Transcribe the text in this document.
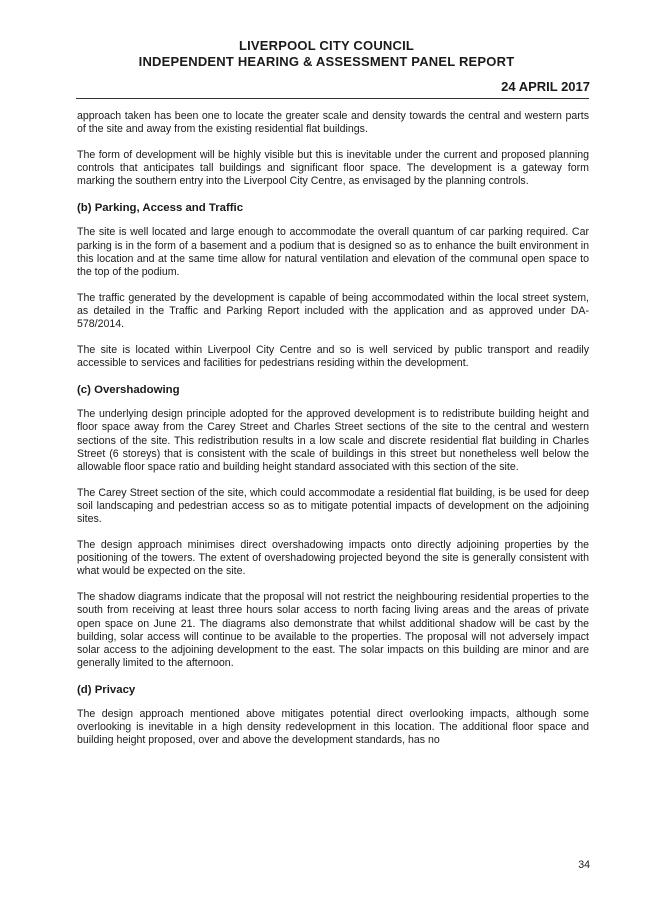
LIVERPOOL CITY COUNCIL
INDEPENDENT HEARING & ASSESSMENT PANEL REPORT
24 APRIL 2017

approach taken has been one to locate the greater scale and density towards the central and western parts of the site and away from the existing residential flat buildings.

The form of development will be highly visible but this is inevitable under the current and proposed planning controls that anticipates tall buildings and significant floor space. The development is a gateway form marking the southern entry into the Liverpool City Centre, as envisaged by the planning controls.

(b) Parking, Access and Traffic

The site is well located and large enough to accommodate the overall quantum of car parking required. Car parking is in the form of a basement and a podium that is designed so as to enhance the built environment in this location and at the same time allow for natural ventilation and elevation of the communal open space to the top of the podium.

The traffic generated by the development is capable of being accommodated within the local street system, as detailed in the Traffic and Parking Report included with the application and as approved under DA-578/2014.

The site is located within Liverpool City Centre and so is well serviced by public transport and readily accessible to services and facilities for pedestrians residing within the development.

(c) Overshadowing

The underlying design principle adopted for the approved development is to redistribute building height and floor space away from the Carey Street and Charles Street sections of the site to the central and western sections of the site. This redistribution results in a low scale and discrete residential flat building in Charles Street (6 storeys) that is consistent with the scale of buildings in this street but nonetheless well below the allowable floor space ratio and building height standard associated with this section of the site.

The Carey Street section of the site, which could accommodate a residential flat building, is be used for deep soil landscaping and pedestrian access so as to mitigate potential impacts of development on the adjoining sites.

The design approach minimises direct overshadowing impacts onto directly adjoining properties by the positioning of the towers. The extent of overshadowing projected beyond the site is generally consistent with what would be expected on the site.

The shadow diagrams indicate that the proposal will not restrict the neighbouring residential properties to the south from receiving at least three hours solar access to north facing living areas and the areas of private open space on June 21. The diagrams also demonstrate that whilst additional shadow will be cast by the building, solar access will continue to be available to the properties. The proposal will not adversely impact solar access to the adjoining development to the east. The solar impacts on this building are minor and are generally limited to the afternoon.

(d) Privacy

The design approach mentioned above mitigates potential direct overlooking impacts, although some overlooking is inevitable in a high density redevelopment in this location. The additional floor space and building height proposed, over and above the development standards, has no

34
